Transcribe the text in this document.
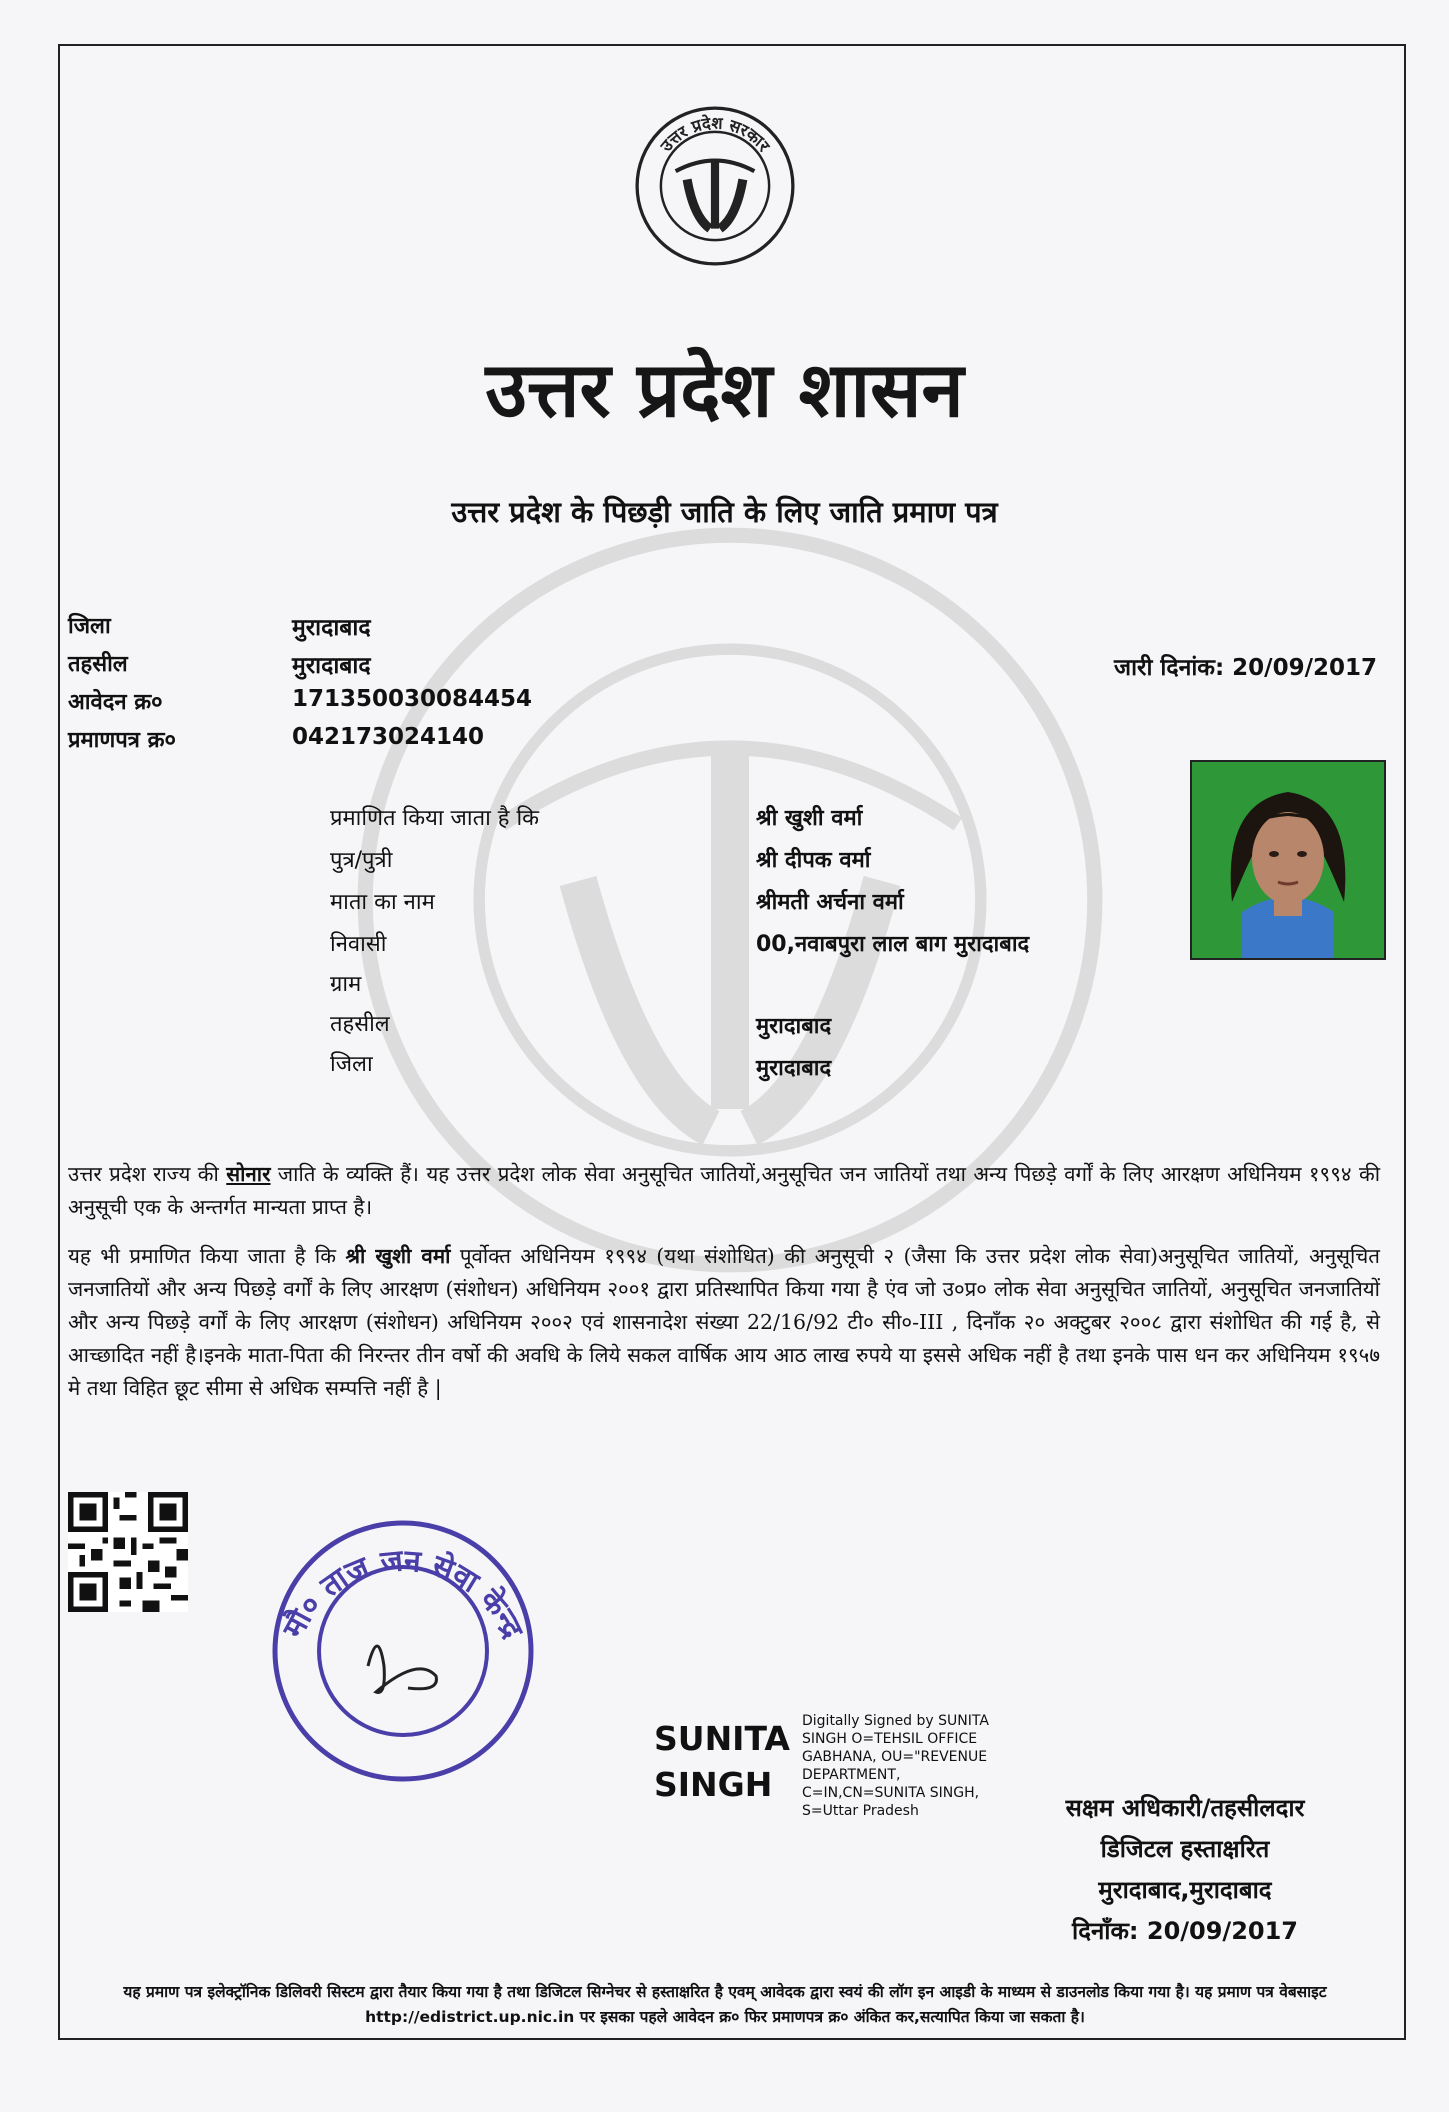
उत्तर प्रदेश सरकार
उत्तर प्रदेश शासन
उत्तर प्रदेश के पिछड़ी जाति के लिए जाति प्रमाण पत्र
जिला	मुरादाबाद
तहसील	मुरादाबाद
आवेदन क्र०	171350030084454
प्रमाणपत्र क्र०	042173024140
जारी दिनांक: 20/09/2017
प्रमाणित किया जाता है कि	श्री खुशी वर्मा
पुत्र/पुत्री	श्री दीपक वर्मा
माता का नाम	श्रीमती अर्चना वर्मा
निवासी	00,नवाबपुरा लाल बाग मुरादाबाद
ग्राम
तहसील	मुरादाबाद
जिला	मुरादाबाद
उत्तर प्रदेश राज्य की सोनार जाति के व्यक्ति हैं। यह उत्तर प्रदेश लोक सेवा अनुसूचित जातियों,अनुसूचित जन जातियों तथा अन्य पिछड़े वर्गों के लिए आरक्षण अधिनियम १९९४ की अनुसूची एक के अन्तर्गत मान्यता प्राप्त है।
यह भी प्रमाणित किया जाता है कि श्री खुशी वर्मा पूर्वोक्त अधिनियम १९९४ (यथा संशोधित) की अनुसूची २ (जैसा कि उत्तर प्रदेश लोक सेवा)अनुसूचित जातियों, अनुसूचित जनजातियों और अन्य पिछड़े वर्गों के लिए आरक्षण (संशोधन) अधिनियम २००१ द्वारा प्रतिस्थापित किया गया है एंव जो उ०प्र० लोक सेवा अनुसूचित जातियों, अनुसूचित जनजातियों और अन्य पिछड़े वर्गों के लिए आरक्षण (संशोधन) अधिनियम २००२ एवं शासनादेश संख्या 22/16/92 टी० सी०-III , दिनाँक २० अक्टुबर २००८ द्वारा संशोधित की गई है, से आच्छादित नहीं है।इनके माता-पिता की निरन्तर तीन वर्षो की अवधि के लिये सकल वार्षिक आय आठ लाख रुपये या इससे अधिक नहीं है तथा इनके पास धन कर अधिनियम १९५७ मे तथा विहित छूट सीमा से अधिक सम्पत्ति नहीं है |
मौ० ताज जन सेवा केन्द्र
SUNITA
SINGH
Digitally Signed by SUNITA SINGH O=TEHSIL OFFICE GABHANA, OU="REVENUE DEPARTMENT, C=IN,CN=SUNITA SINGH, S=Uttar Pradesh	सक्षम अधिकारी/तहसीलदार
डिजिटल हस्ताक्षरित
मुरादाबाद,मुरादाबाद
दिनाँक: 20/09/2017
यह प्रमाण पत्र इलेक्ट्रॉनिक डिलिवरी सिस्टम द्वारा तैयार किया गया है तथा डिजिटल सिग्नेचर से हस्ताक्षरित है एवम् आवेदक द्वारा स्वयं की लॉग इन आइडी के माध्यम से डाउनलोड किया गया है। यह प्रमाण पत्र वेबसाइट http://edistrict.up.nic.in पर इसका पहले आवेदन क्र० फिर प्रमाणपत्र क्र० अंकित कर,सत्यापित किया जा सकता है।
